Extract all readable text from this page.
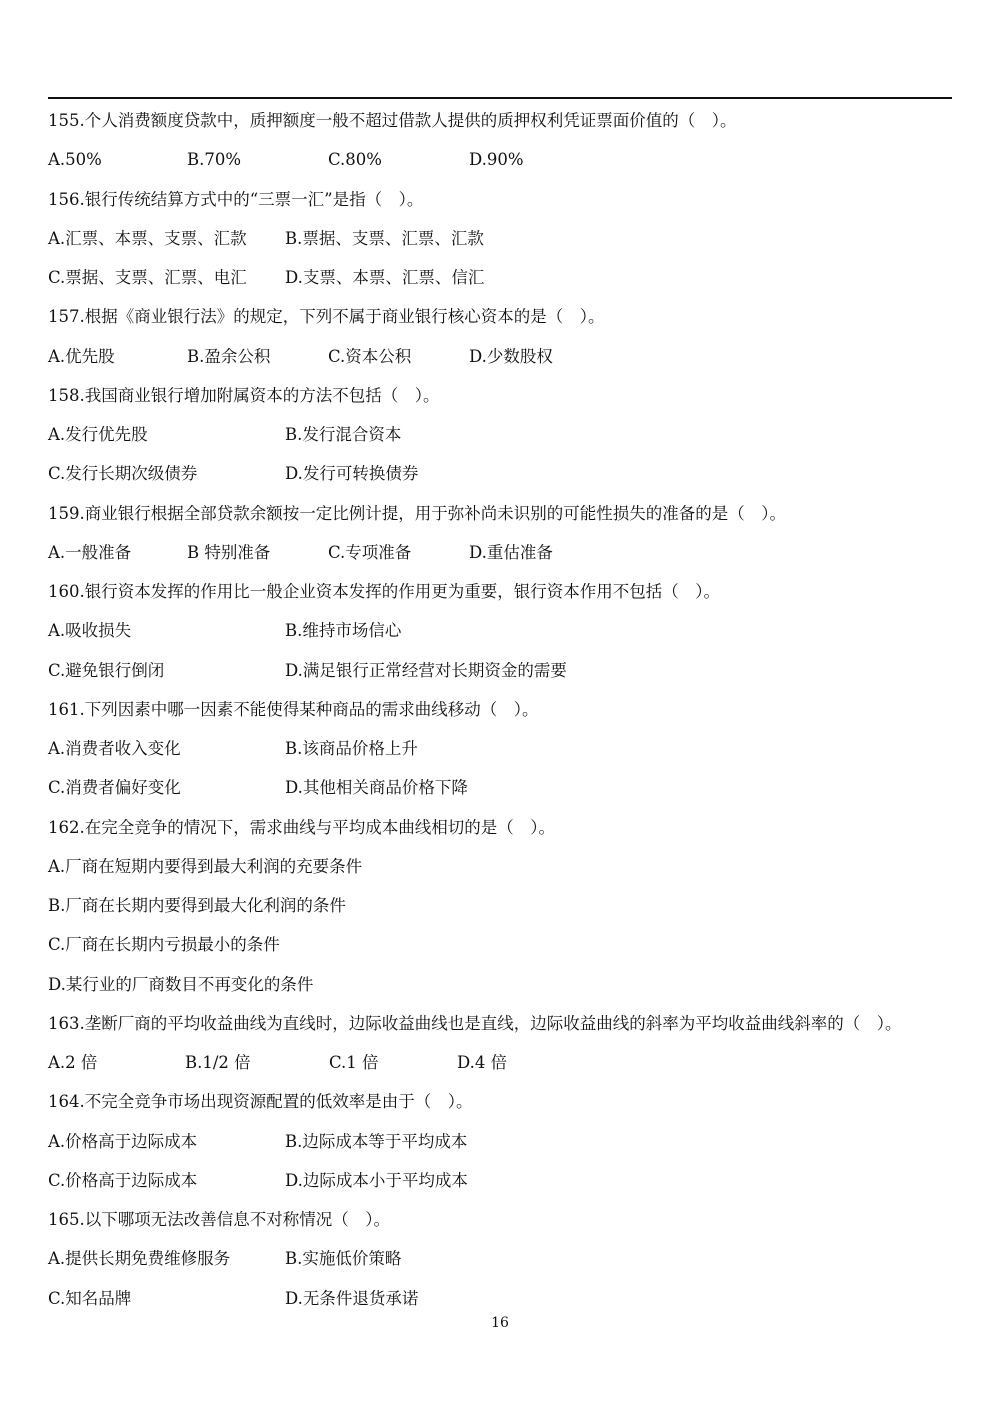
155.个人消费额度贷款中，质押额度一般不超过借款人提供的质押权利凭证票面价值的（　）。
A.50%	B.70%	C.80%	D.90%
156.银行传统结算方式中的“三票一汇”是指（　）。
A.汇票、本票、支票、汇款 B.票据、支票、汇票、汇款
C.票据、支票、汇票、电汇 D.支票、本票、汇票、信汇
157.根据《商业银行法》的规定，下列不属于商业银行核心资本的是（　）。
A.优先股	B.盈余公积	C.资本公积	D.少数股权
158.我国商业银行增加附属资本的方法不包括（　）。
A.发行优先股	B.发行混合资本
C.发行长期次级债券	D.发行可转换债券
159.商业银行根据全部贷款余额按一定比例计提，用于弥补尚未识别的可能性损失的准备的是（　）。
A.一般准备	B 特别准备	C.专项准备	D.重估准备
160.银行资本发挥的作用比一般企业资本发挥的作用更为重要，银行资本作用不包括（　）。
A.吸收损失	B.维持市场信心
C.避免银行倒闭	D.满足银行正常经营对长期资金的需要
161.下列因素中哪一因素不能使得某种商品的需求曲线移动（　）。
A.消费者收入变化	B.该商品价格上升
C.消费者偏好变化	D.其他相关商品价格下降
162.在完全竞争的情况下，需求曲线与平均成本曲线相切的是（　）。
A.厂商在短期内要得到最大利润的充要条件
B.厂商在长期内要得到最大化利润的条件
C.厂商在长期内亏损最小的条件
D.某行业的厂商数目不再变化的条件
163.垄断厂商的平均收益曲线为直线时，边际收益曲线也是直线，边际收益曲线的斜率为平均收益曲线斜率的（　）。
A.2 倍	B.1/2 倍	C.1 倍	D.4 倍
164.不完全竞争市场出现资源配置的低效率是由于（　）。
A.价格高于边际成本	B.边际成本等于平均成本
C.价格高于边际成本	D.边际成本小于平均成本
165.以下哪项无法改善信息不对称情况（　）。
A.提供长期免费维修服务	B.实施低价策略
C.知名品牌	D.无条件退货承诺
16
